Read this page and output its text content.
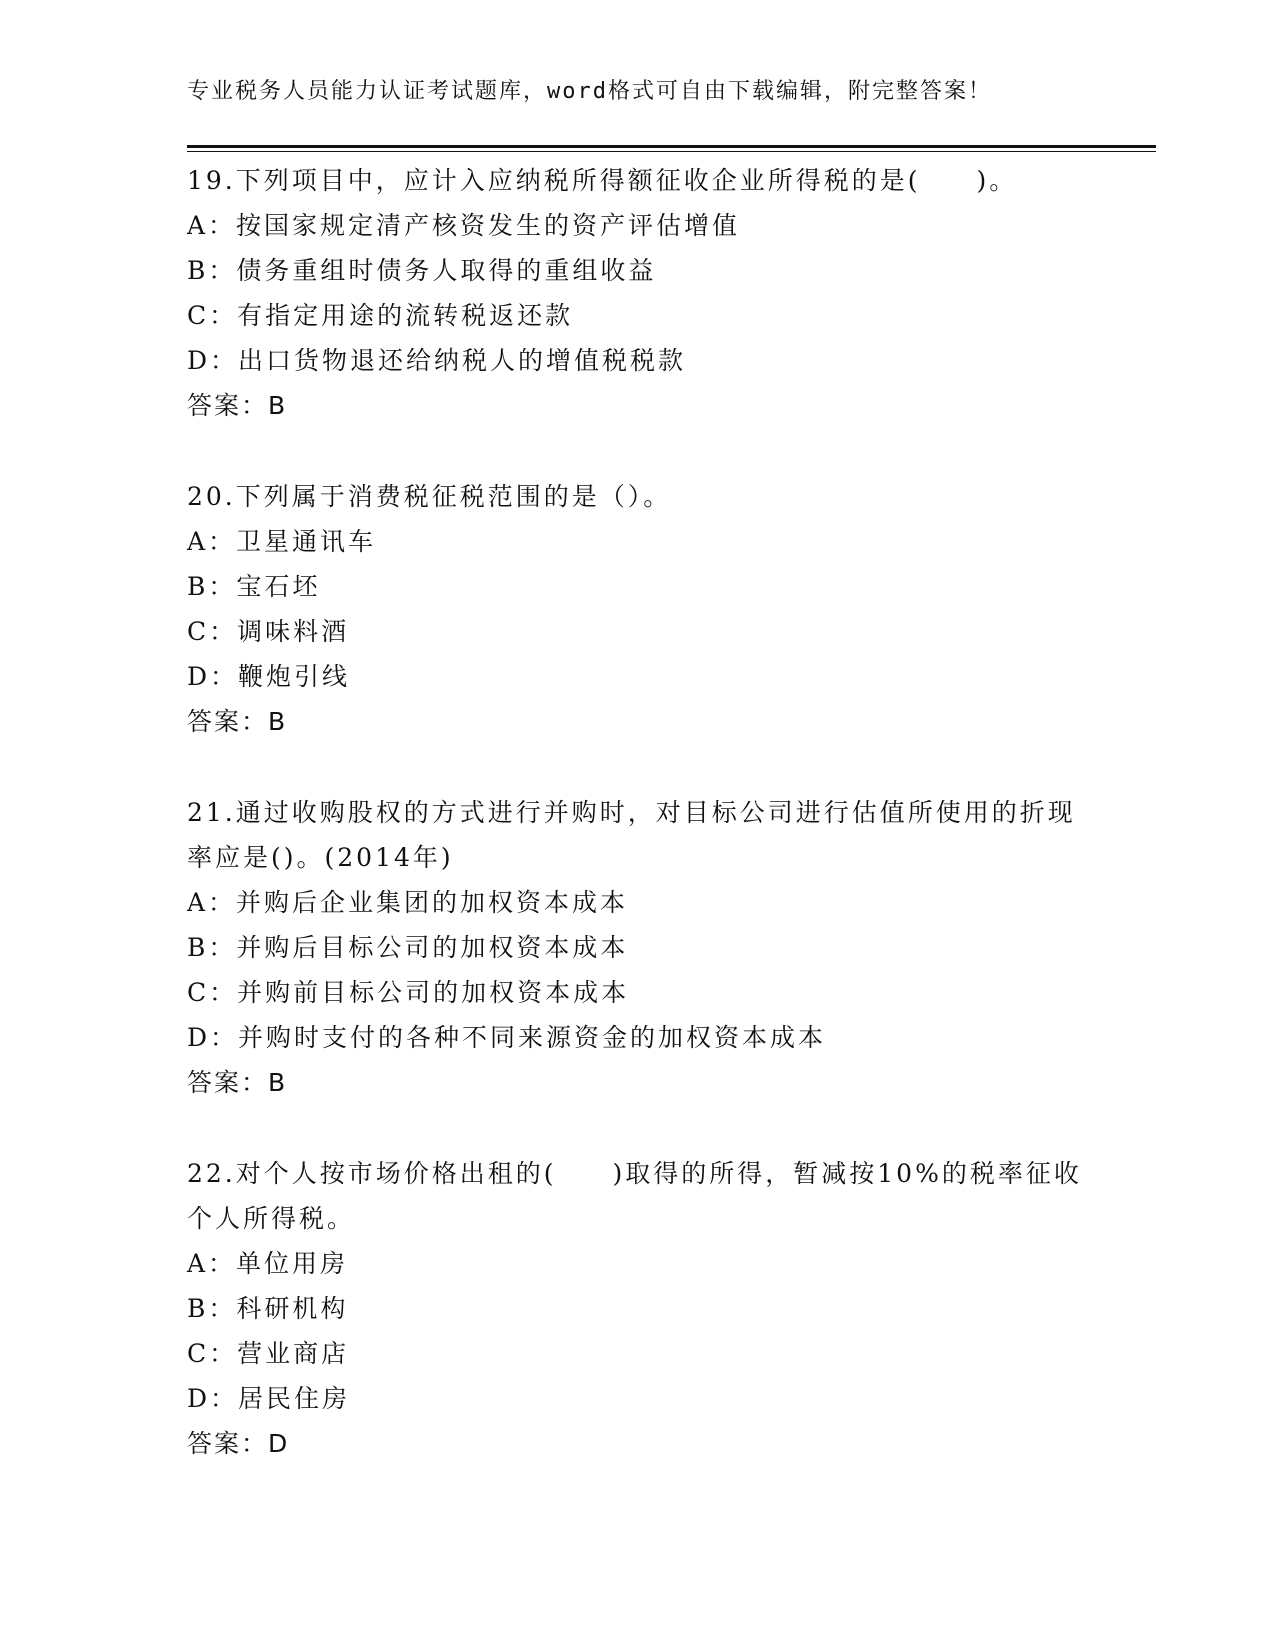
专业税务人员能力认证考试题库，word格式可自由下载编辑，附完整答案！
19.下列项目中，应计入应纳税所得额征收企业所得税的是(　　)。
A：按国家规定清产核资发生的资产评估增值
B：债务重组时债务人取得的重组收益
C：有指定用途的流转税返还款
D：出口货物退还给纳税人的增值税税款
答案：B
20.下列属于消费税征税范围的是（）。
A：卫星通讯车
B：宝石坯
C：调味料酒
D：鞭炮引线
答案：B
21.通过收购股权的方式进行并购时，对目标公司进行估值所使用的折现率应是()。(2014年)
A：并购后企业集团的加权资本成本
B：并购后目标公司的加权资本成本
C：并购前目标公司的加权资本成本
D：并购时支付的各种不同来源资金的加权资本成本
答案：B
22.对个人按市场价格出租的(　　)取得的所得，暂减按10%的税率征收个人所得税。
A：单位用房
B：科研机构
C：营业商店
D：居民住房
答案：D
